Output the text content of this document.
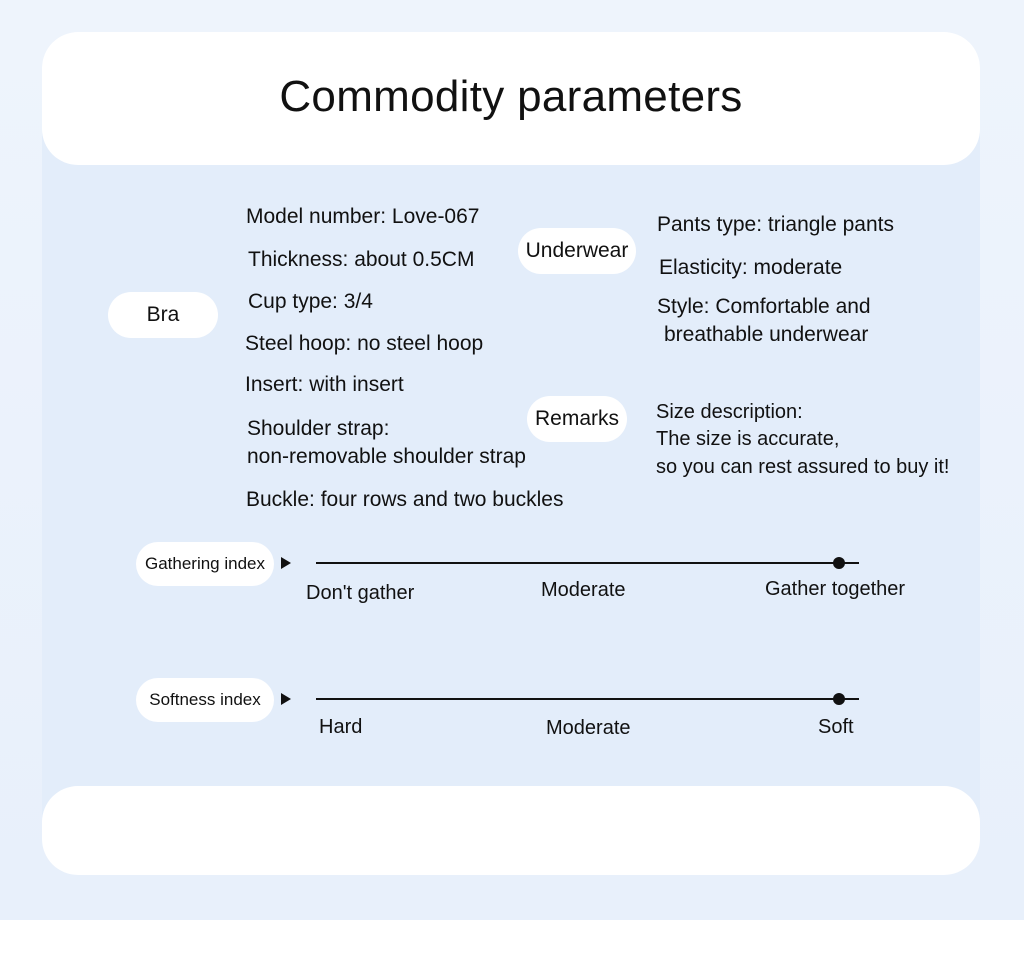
Commodity parameters
Bra
Model number: Love-067
Thickness: about 0.5CM
Cup type: 3/4
Steel hoop: no steel hoop
Insert: with insert
Shoulder strap:
non-removable shoulder strap
Buckle: four rows and two buckles
Underwear
Pants type: triangle pants
Elasticity: moderate
Style: Comfortable and
breathable underwear
Remarks	Size description:
The size is accurate,
so you can rest assured to buy it!
Gathering index
Don't gather	Moderate	Gather together
Softness index
Hard	Moderate	Soft
